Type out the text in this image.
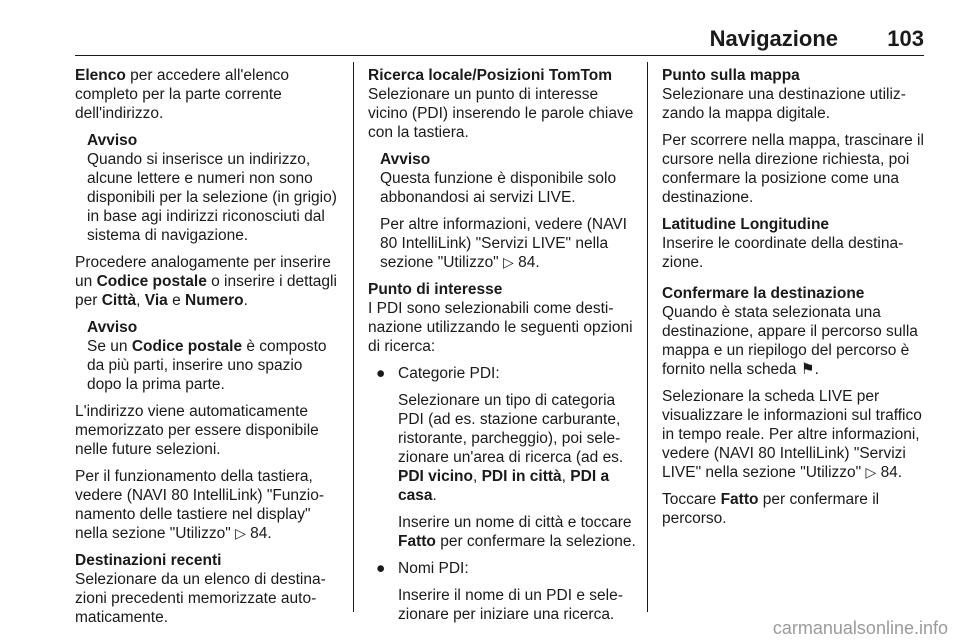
Navigazione 103

Elenco per accedere all'elenco completo per la parte corrente dell'indirizzo.

Avviso
Quando si inserisce un indirizzo, alcune lettere e numeri non sono disponibili per la selezione (in grigio) in base agi indirizzi riconosciuti dal sistema di navigazione.

Procedere analogamente per inserire un Codice postale o inserire i dettagli per Città, Via e Numero.

Avviso
Se un Codice postale è composto da più parti, inserire uno spazio dopo la prima parte.

L'indirizzo viene automaticamente memorizzato per essere disponibile nelle future selezioni.

Per il funzionamento della tastiera, vedere (NAVI 80 IntelliLink) "Funzionamento delle tastiere nel display" nella sezione "Utilizzo" ▷ 84.

Destinazioni recenti
Selezionare da un elenco di destinazioni precedenti memorizzate automaticamente.
Ricerca locale/Posizioni TomTom
Selezionare un punto di interesse vicino (PDI) inserendo le parole chiave con la tastiera.
Avviso
Questa funzione è disponibile solo abbonandosi ai servizi LIVE.
Per altre informazioni, vedere (NAVI 80 IntelliLink) "Servizi LIVE" nella sezione "Utilizzo" ▷ 84.
Punto di interesse
I PDI sono selezionabili come destinazione utilizzando le seguenti opzioni di ricerca:
● Categorie PDI:
Selezionare un tipo di categoria PDI (ad es. stazione carburante, ristorante, parcheggio), poi selezionare un'area di ricerca (ad es. PDI vicino, PDI in città, PDI a casa.
Inserire un nome di città e toccare Fatto per confermare la selezione.
● Nomi PDI:
Inserire il nome di un PDI e selezionare per iniziare una ricerca.
Punto sulla mappa
Selezionare una destinazione utilizzando la mappa digitale.

Per scorrere nella mappa, trascinare il cursore nella direzione richiesta, poi confermare la posizione come una destinazione.

Latitudine Longitudine
Inserire le coordinate della destinazione.
Confermare la destinazione
Quando è stata selezionata una destinazione, appare il percorso sulla mappa e un riepilogo del percorso è fornito nella scheda ⚑.

Selezionare la scheda LIVE per visualizzare le informazioni sul traffico in tempo reale. Per altre informazioni, vedere (NAVI 80 IntelliLink) "Servizi LIVE" nella sezione "Utilizzo" ▷ 84.

Toccare Fatto per confermare il percorso.

carmanualsonline.info
